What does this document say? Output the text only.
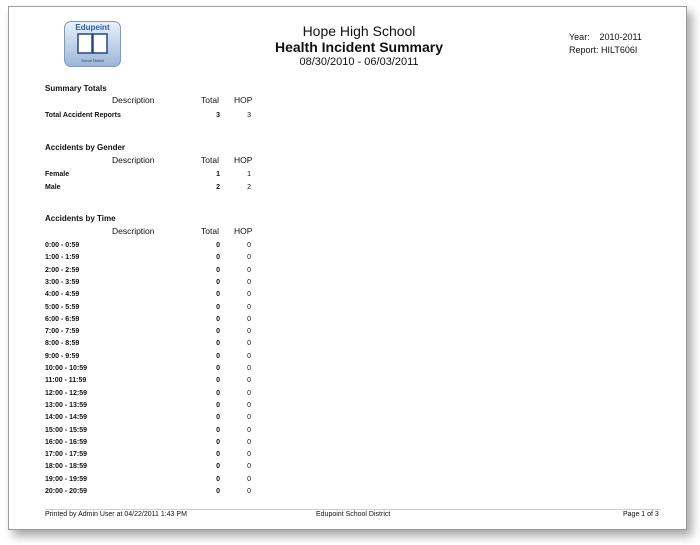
Edupeint
School District
Hope High School
Health Incident Summary
08/30/2010 - 06/03/2011
Year: 2010-2011
Report: HILT606I
Summary Totals
Description	Total HOP
Total Accident Reports	3	3
Accidents by Gender
Description	Total HOP
Female	1	1
Male	2	2
Accidents by Time
Description	Total HOP
0:00 - 0:59	0	0
1:00 - 1:59	0	0
2:00 - 2:59	0	0
3:00 - 3:59	0	0
4:00 - 4:59	0	0
5:00 - 5:59	0	0
6:00 - 6:59	0	0
7:00 - 7:59	0	0
8:00 - 8:59	0	0
9:00 - 9:59	0	0
10:00 - 10:59	0	0
11:00 - 11:59	0	0
12:00 - 12:59	0	0
13:00 - 13:59	0	0
14:00 - 14:59	0	0
15:00 - 15:59	0	0
16:00 - 16:59	0	0
17:00 - 17:59	0	0
18:00 - 18:59	0	0
19:00 - 19:59	0	0
20:00 - 20:59	0	0
Printed by Admin User at 04/22/2011 1:43 PM	Edupoint School District	Page 1 of 3
